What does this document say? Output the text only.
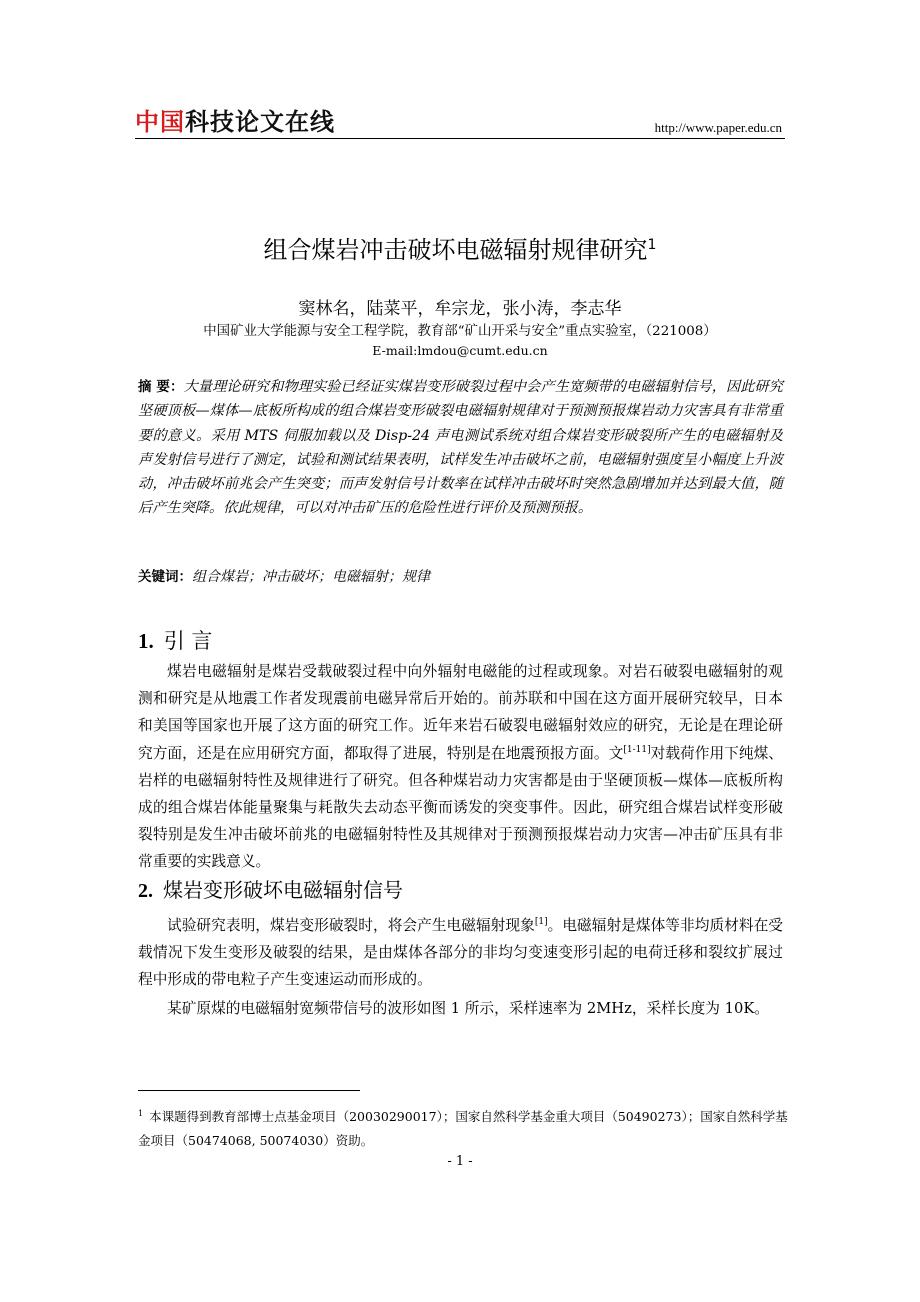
中国科技论文在线	http://www.paper.edu.cn
组合煤岩冲击破坏电磁辐射规律研究$^1$
窦林名，陆菜平，牟宗龙，张小涛，李志华
中国矿业大学能源与安全工程学院，教育部“矿山开采与安全”重点实验室，（221008）
E-mail:lmdou@cumt.edu.cn
摘 要：大量理论研究和物理实验已经证实煤岩变形破裂过程中会产生宽频带的电磁辐射信号，因此研究坚硬顶板—煤体—底板所构成的组合煤岩变形破裂电磁辐射规律对于预测预报煤岩动力灾害具有非常重要的意义。采用 MTS 伺服加载以及 Disp-24 声电测试系统对组合煤岩变形破裂所产生的电磁辐射及声发射信号进行了测定，试验和测试结果表明，试样发生冲击破坏之前，电磁辐射强度呈小幅度上升波动，冲击破坏前兆会产生突变；而声发射信号计数率在试样冲击破坏时突然急剧增加并达到最大值，随后产生突降。依此规律，可以对冲击矿压的危险性进行评价及预测预报。
关键词：组合煤岩；冲击破坏；电磁辐射；规律
1. 引 言
煤岩电磁辐射是煤岩受载破裂过程中向外辐射电磁能的过程或现象。对岩石破裂电磁辐射的观测和研究是从地震工作者发现震前电磁异常后开始的。前苏联和中国在这方面开展研究较早，日本和美国等国家也开展了这方面的研究工作。近年来岩石破裂电磁辐射效应的研究，无论是在理论研究方面，还是在应用研究方面，都取得了进展，特别是在地震预报方面。文[1-11]对载荷作用下纯煤、岩样的电磁辐射特性及规律进行了研究。但各种煤岩动力灾害都是由于坚硬顶板—煤体—底板所构成的组合煤岩体能量聚集与耗散失去动态平衡而诱发的突变事件。因此，研究组合煤岩试样变形破裂特别是发生冲击破坏前兆的电磁辐射特性及其规律对于预测预报煤岩动力灾害—冲击矿压具有非常重要的实践意义。
2. 煤岩变形破坏电磁辐射信号
试验研究表明，煤岩变形破裂时，将会产生电磁辐射现象[1]。电磁辐射是煤体等非均质材料在受载情况下发生变形及破裂的结果，是由煤体各部分的非均匀变速变形引起的电荷迁移和裂纹扩展过程中形成的带电粒子产生变速运动而形成的。
某矿原煤的电磁辐射宽频带信号的波形如图 1 所示，采样速率为 2MHz，采样长度为 10K。
$^1$ 本课题得到教育部博士点基金项目（20030290017）；国家自然科学基金重大项目（50490273）；国家自然科学基金项目（50474068, 50074030）资助。
- 1 -
